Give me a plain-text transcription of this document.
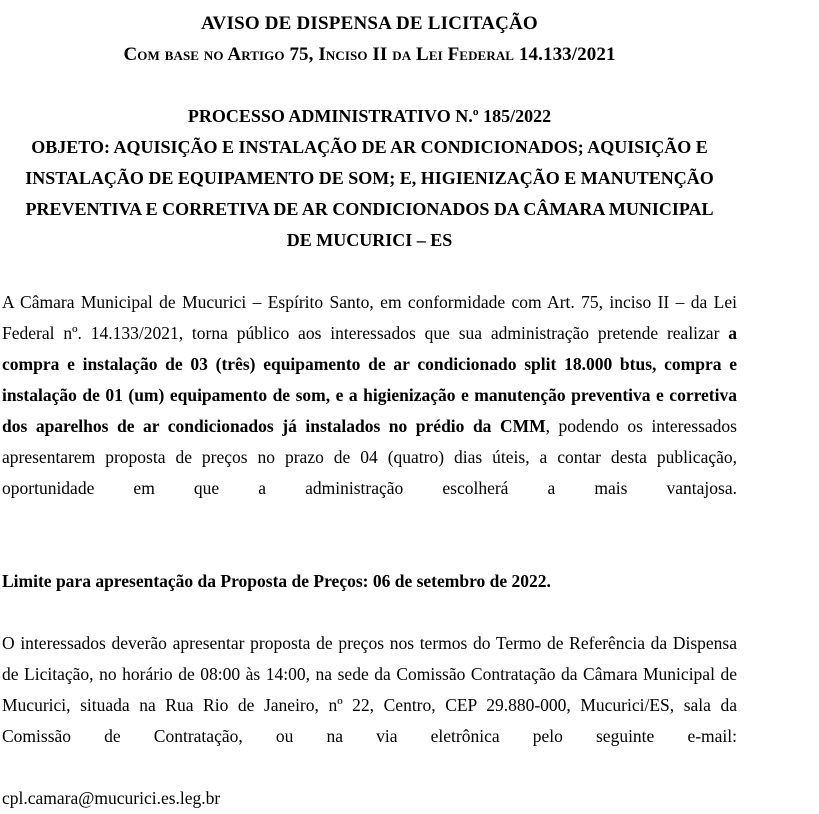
AVISO DE DISPENSA DE LICITAÇÃO
Com base no Artigo 75, Inciso II da Lei Federal 14.133/2021

PROCESSO ADMINISTRATIVO N.º 185/2022
OBJETO: AQUISIÇÃO E INSTALAÇÃO DE AR CONDICIONADOS; AQUISIÇÃO E
INSTALAÇÃO DE EQUIPAMENTO DE SOM; E, HIGIENIZAÇÃO E MANUTENÇÃO
PREVENTIVA E CORRETIVA DE AR CONDICIONADOS DA CÂMARA MUNICIPAL
DE MUCURICI – ES

A Câmara Municipal de Mucurici – Espírito Santo, em conformidade com Art. 75, inciso II – da Lei Federal nº. 14.133/2021, torna público aos interessados que sua administração pretende realizar a compra e instalação de 03 (três) equipamento de ar condicionado split 18.000 btus, compra e instalação de 01 (um) equipamento de som, e a higienização e manutenção preventiva e corretiva dos aparelhos de ar condicionados já instalados no prédio da CMM, podendo os interessados apresentarem proposta de preços no prazo de 04 (quatro) dias úteis, a contar desta publicação, oportunidade em que a administração escolherá a mais vantajosa.

Limite para apresentação da Proposta de Preços: 06 de setembro de 2022.

O interessados deverão apresentar proposta de preços nos termos do Termo de Referência da Dispensa de Licitação, no horário de 08:00 às 14:00, na sede da Comissão Contratação da Câmara Municipal de Mucurici, situada na Rua Rio de Janeiro, nº 22, Centro, CEP 29.880-000, Mucurici/ES, sala da Comissão de Contratação, ou na via eletrônica pelo seguinte e-mail:

cpl.camara@mucurici.es.leg.br
